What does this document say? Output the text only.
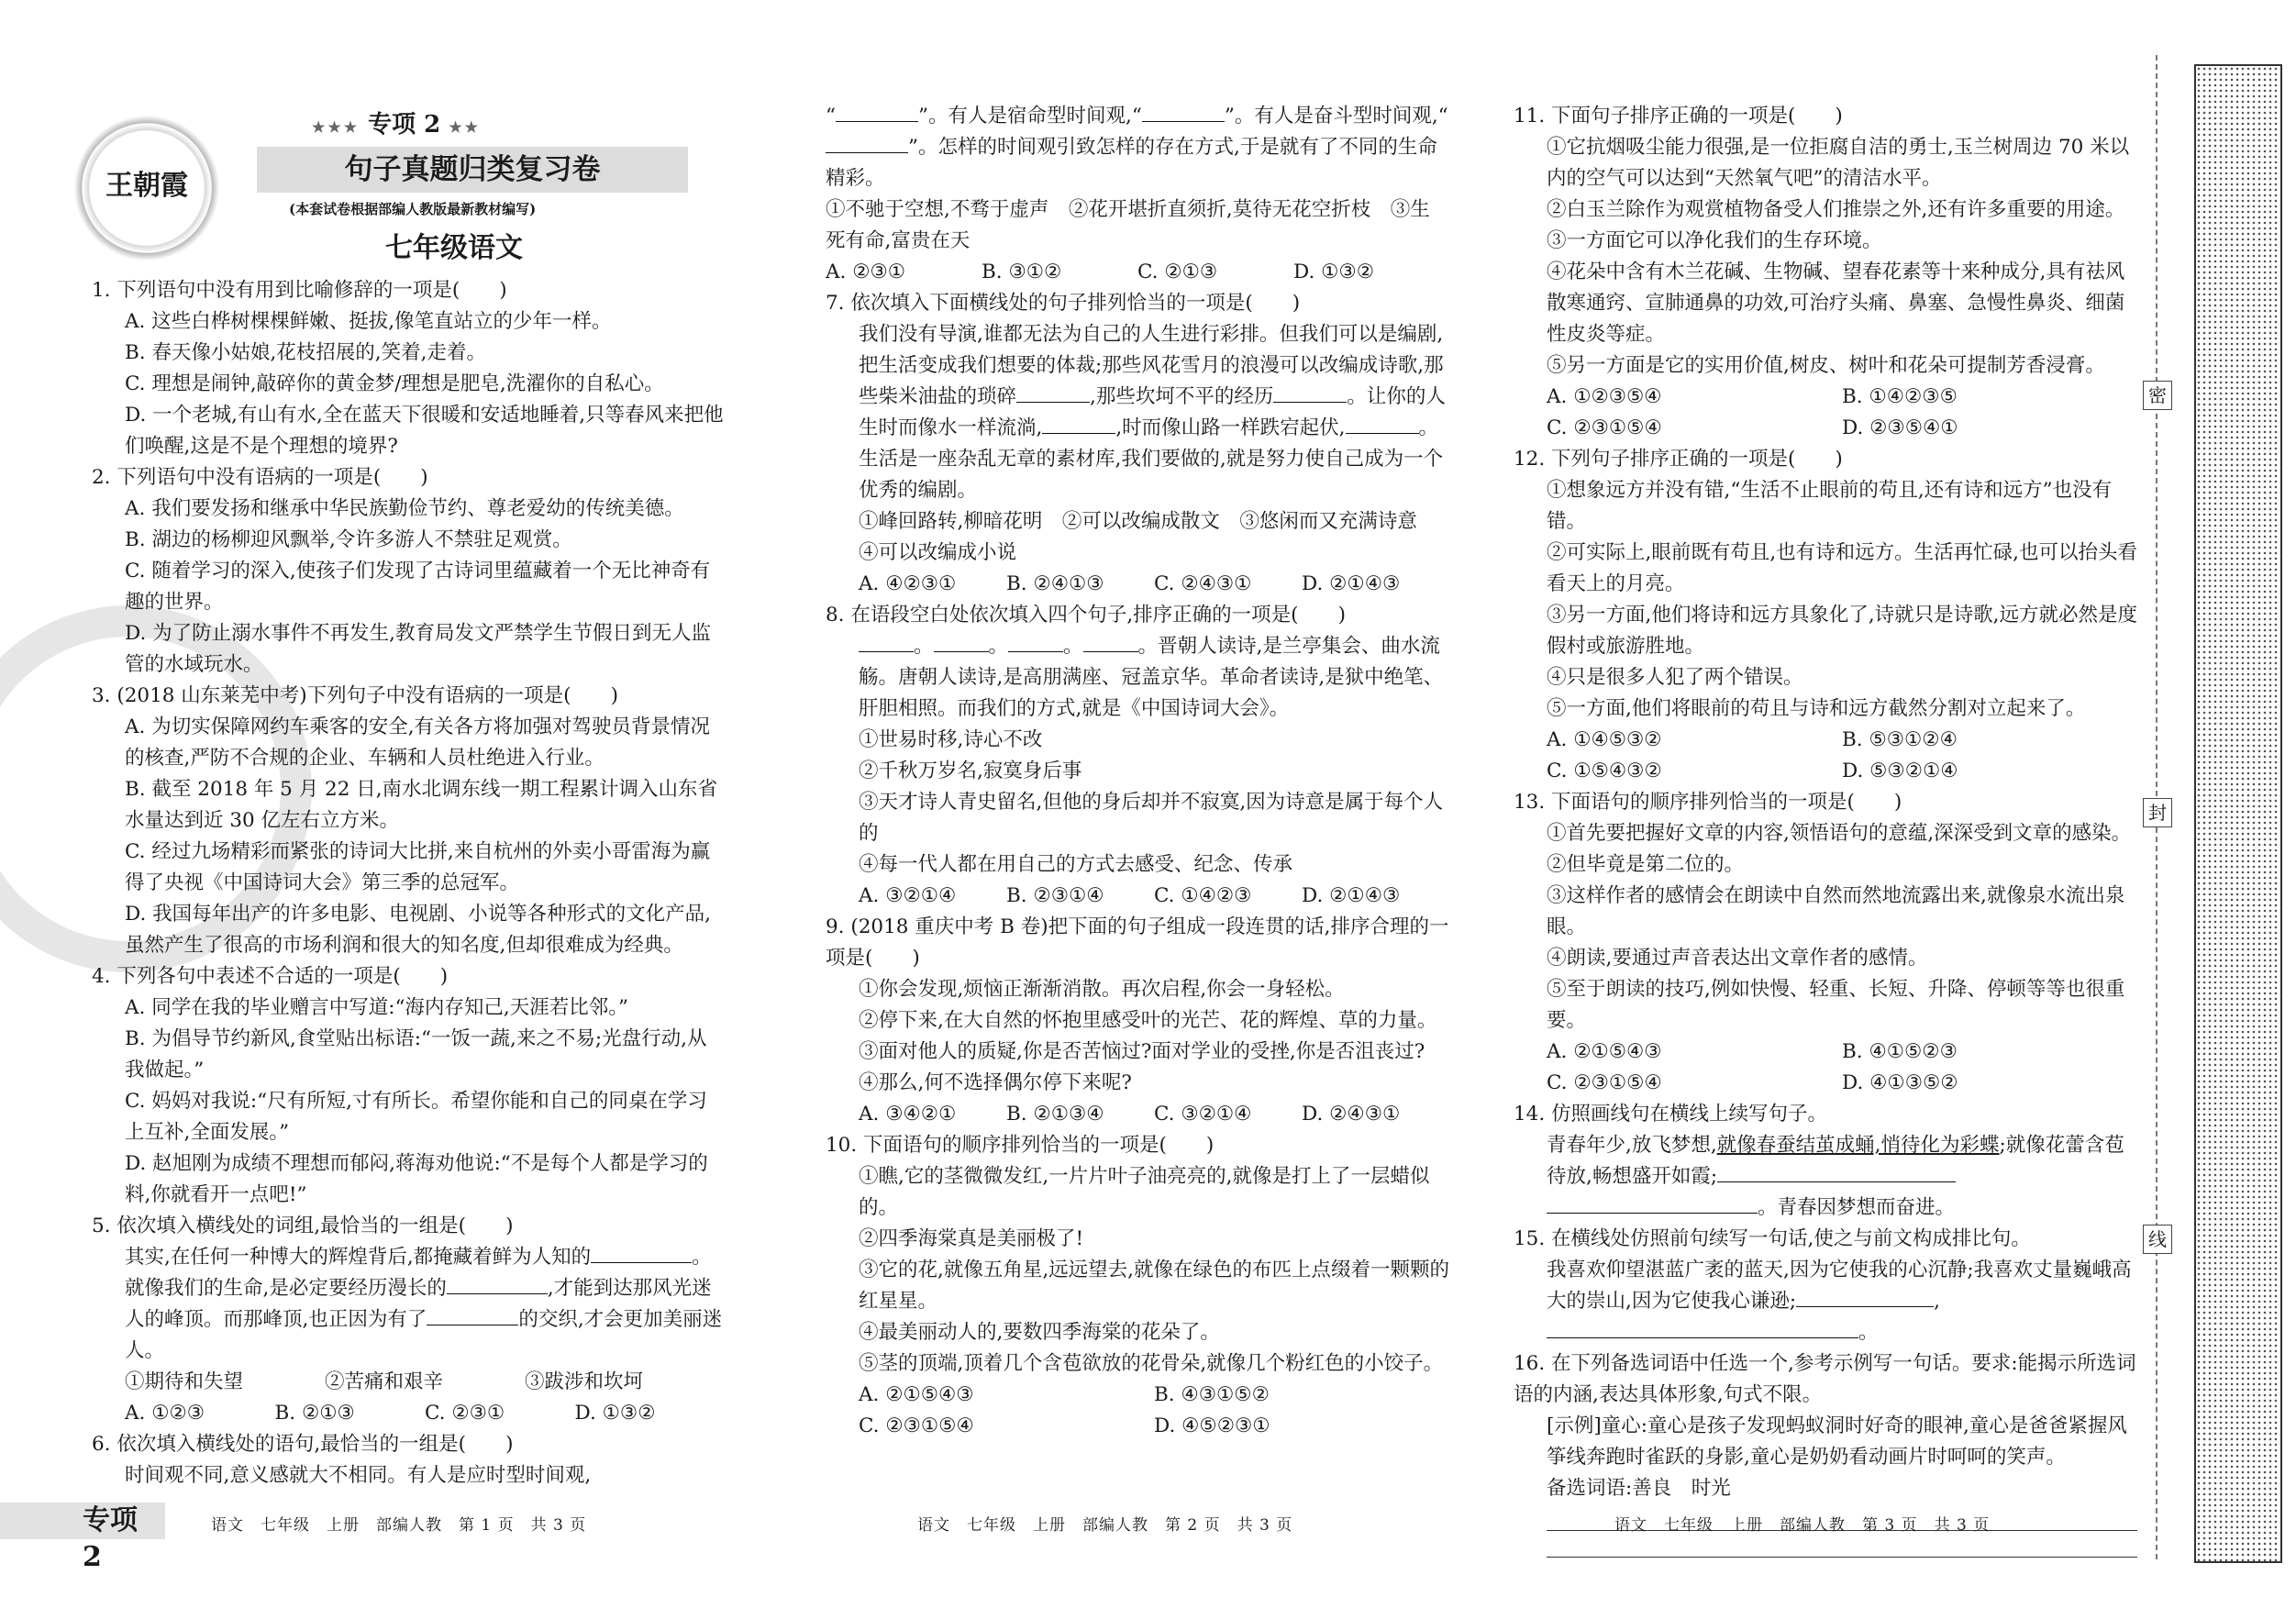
王朝霞
★★★ 专项 2 ★★
句子真题归类复习卷
(本套试卷根据部编人教版最新教材编写)
七年级语文
1. 下列语句中没有用到比喻修辞的一项是(　　)
A. 这些白桦树棵棵鲜嫩、挺拔,像笔直站立的少年一样。
B. 春天像小姑娘,花枝招展的,笑着,走着。
C. 理想是闹钟,敲碎你的黄金梦/理想是肥皂,洗濯你的自私心。
D. 一个老城,有山有水,全在蓝天下很暖和安适地睡着,只等春风来把他们唤醒,这是不是个理想的境界?
2. 下列语句中没有语病的一项是(　　)
A. 我们要发扬和继承中华民族勤俭节约、尊老爱幼的传统美德。
B. 湖边的杨柳迎风飘举,令许多游人不禁驻足观赏。
C. 随着学习的深入,使孩子们发现了古诗词里蕴藏着一个无比神奇有趣的世界。
D. 为了防止溺水事件不再发生,教育局发文严禁学生节假日到无人监管的水域玩水。
3. (2018 山东莱芜中考)下列句子中没有语病的一项是(　　)
A. 为切实保障网约车乘客的安全,有关各方将加强对驾驶员背景情况的核查,严防不合规的企业、车辆和人员杜绝进入行业。
B. 截至 2018 年 5 月 22 日,南水北调东线一期工程累计调入山东省水量达到近 30 亿左右立方米。
C. 经过九场精彩而紧张的诗词大比拼,来自杭州的外卖小哥雷海为赢得了央视《中国诗词大会》第三季的总冠军。
D. 我国每年出产的许多电影、电视剧、小说等各种形式的文化产品,虽然产生了很高的市场利润和很大的知名度,但却很难成为经典。
4. 下列各句中表述不合适的一项是(　　)
A. 同学在我的毕业赠言中写道:“海内存知己,天涯若比邻。”
B. 为倡导节约新风,食堂贴出标语:“一饭一蔬,来之不易;光盘行动,从我做起。”
C. 妈妈对我说:“尺有所短,寸有所长。希望你能和自己的同桌在学习上互补,全面发展。”
D. 赵旭刚为成绩不理想而郁闷,蒋海劝他说:“不是每个人都是学习的料,你就看开一点吧!”
5. 依次填入横线处的词组,最恰当的一组是(　　)
其实,在任何一种博大的辉煌背后,都掩藏着鲜为人知的	。就像我们的生命,是必定要经历漫长的	,才能到达那风光迷人的峰顶。而那峰顶,也正因为有了	的交织,才会更加美丽迷人。
①期待和失望	②苦痛和艰辛	③跋涉和坎坷
A. ①②③	B. ②①③	C. ②③①	D. ①③②
6. 依次填入横线处的语句,最恰当的一组是(　　)
时间观不同,意义感就大不相同。有人是应时型时间观,
“	”。有人是宿命型时间观,“	”。有人是奋斗型时间观,“”。怎样的时间观引致怎样的存在方式,于是就有了不同的生命精彩。
①不驰于空想,不骛于虚声　 ②花开堪折直须折,莫待无花空折枝　 ③生死有命,富贵在天
A. ②③①	B. ③①②	C. ②①③	D. ①③②
7. 依次填入下面横线处的句子排列恰当的一项是(　　)
我们没有导演,谁都无法为自己的人生进行彩排。但我们可以是编剧,把生活变成我们想要的体裁;那些风花雪月的浪漫可以改编成诗歌,那些柴米油盐的琐碎	,那些坎坷不平的经历	。让你的人生时而像水一样流淌,	,时而像山路一样跌宕起伏,	。生活是一座杂乱无章的素材库,我们要做的,就是努力使自己成为一个优秀的编剧。
①峰回路转,柳暗花明　②可以改编成散文　③悠闲而又充满诗意　④可以改编成小说
A. ④②③①	B. ②④①③	C. ②④③①	D. ②①④③
8. 在语段空白处依次填入四个句子,排序正确的一项是(　　)
。	。	。	。晋朝人读诗,是兰亭集会、曲水流觞。唐朝人读诗,是高朋满座、冠盖京华。革命者读诗,是狱中绝笔、肝胆相照。而我们的方式,就是《中国诗词大会》。
①世易时移,诗心不改
②千秋万岁名,寂寞身后事
③天才诗人青史留名,但他的身后却并不寂寞,因为诗意是属于每个人的
④每一代人都在用自己的方式去感受、纪念、传承
A. ③②①④	B. ②③①④	C. ①④②③	D. ②①④③
9. (2018 重庆中考 B 卷)把下面的句子组成一段连贯的话,排序合理的一项是(　　)
①你会发现,烦恼正渐渐消散。再次启程,你会一身轻松。
②停下来,在大自然的怀抱里感受叶的光芒、花的辉煌、草的力量。
③面对他人的质疑,你是否苦恼过?面对学业的受挫,你是否沮丧过?
④那么,何不选择偶尔停下来呢?
A. ③④②①	B. ②①③④	C. ③②①④	D. ②④③①
10. 下面语句的顺序排列恰当的一项是(　　)
①瞧,它的茎微微发红,一片片叶子油亮亮的,就像是打上了一层蜡似的。
②四季海棠真是美丽极了!
③它的花,就像五角星,远远望去,就像在绿色的布匹上点缀着一颗颗的红星星。
④最美丽动人的,要数四季海棠的花朵了。
⑤茎的顶端,顶着几个含苞欲放的花骨朵,就像几个粉红色的小饺子。
A. ②①⑤④③	B. ④③①⑤②
C. ②③①⑤④	D. ④⑤②③①
11. 下面句子排序正确的一项是(　　)
①它抗烟吸尘能力很强,是一位拒腐自洁的勇士,玉兰树周边 70 米以内的空气可以达到“天然氧气吧”的清洁水平。
②白玉兰除作为观赏植物备受人们推崇之外,还有许多重要的用途。
③一方面它可以净化我们的生存环境。
④花朵中含有木兰花碱、生物碱、望春花素等十来种成分,具有祛风散寒通窍、宣肺通鼻的功效,可治疗头痛、鼻塞、急慢性鼻炎、细菌性皮炎等症。
⑤另一方面是它的实用价值,树皮、树叶和花朵可提制芳香浸膏。
A. ①②③⑤④	B. ①④②③⑤
C. ②③①⑤④	D. ②③⑤④①
12. 下列句子排序正确的一项是(　　)
①想象远方并没有错,“生活不止眼前的苟且,还有诗和远方”也没有错。
②可实际上,眼前既有苟且,也有诗和远方。生活再忙碌,也可以抬头看看天上的月亮。
③另一方面,他们将诗和远方具象化了,诗就只是诗歌,远方就必然是度假村或旅游胜地。
④只是很多人犯了两个错误。
⑤一方面,他们将眼前的苟且与诗和远方截然分割对立起来了。
A. ①④⑤③②	B. ⑤③①②④
C. ①⑤④③②	D. ⑤③②①④
13. 下面语句的顺序排列恰当的一项是(　　)
①首先要把握好文章的内容,领悟语句的意蕴,深深受到文章的感染。
②但毕竟是第二位的。
③这样作者的感情会在朗读中自然而然地流露出来,就像泉水流出泉眼。
④朗读,要通过声音表达出文章作者的感情。
⑤至于朗读的技巧,例如快慢、轻重、长短、升降、停顿等等也很重要。
A. ②①⑤④③	B. ④①⑤②③
C. ②③①⑤④	D. ④①③⑤②
14. 仿照画线句在横线上续写句子。
青春年少,放飞梦想,就像春蚕结茧成蛹,悄待化为彩蝶;就像花蕾含苞待放,畅想盛开如霞;。青春因梦想而奋进。
15. 在横线处仿照前句续写一句话,使之与前文构成排比句。
我喜欢仰望湛蓝广袤的蓝天,因为它使我的心沉静;我喜欢丈量巍峨高大的崇山,因为它使我心谦逊;	,。
16. 在下列备选词语中任选一个,参考示例写一句话。要求:能揭示所选词语的内涵,表达具体形象,句式不限。
[示例]童心:童心是孩子发现蚂蚁洞时好奇的眼神,童心是爸爸紧握风筝线奔跑时雀跃的身影,童心是奶奶看动画片时呵呵的笑声。
备选词语:善良　时光
专项 2
语文　七年级　上册　部编人教　第 1 页　共 3 页	语文　七年级　上册　部编人教　第 2 页　共 3 页	语文　七年级　上册　部编人教　第 3 页　共 3 页
密
封
线
